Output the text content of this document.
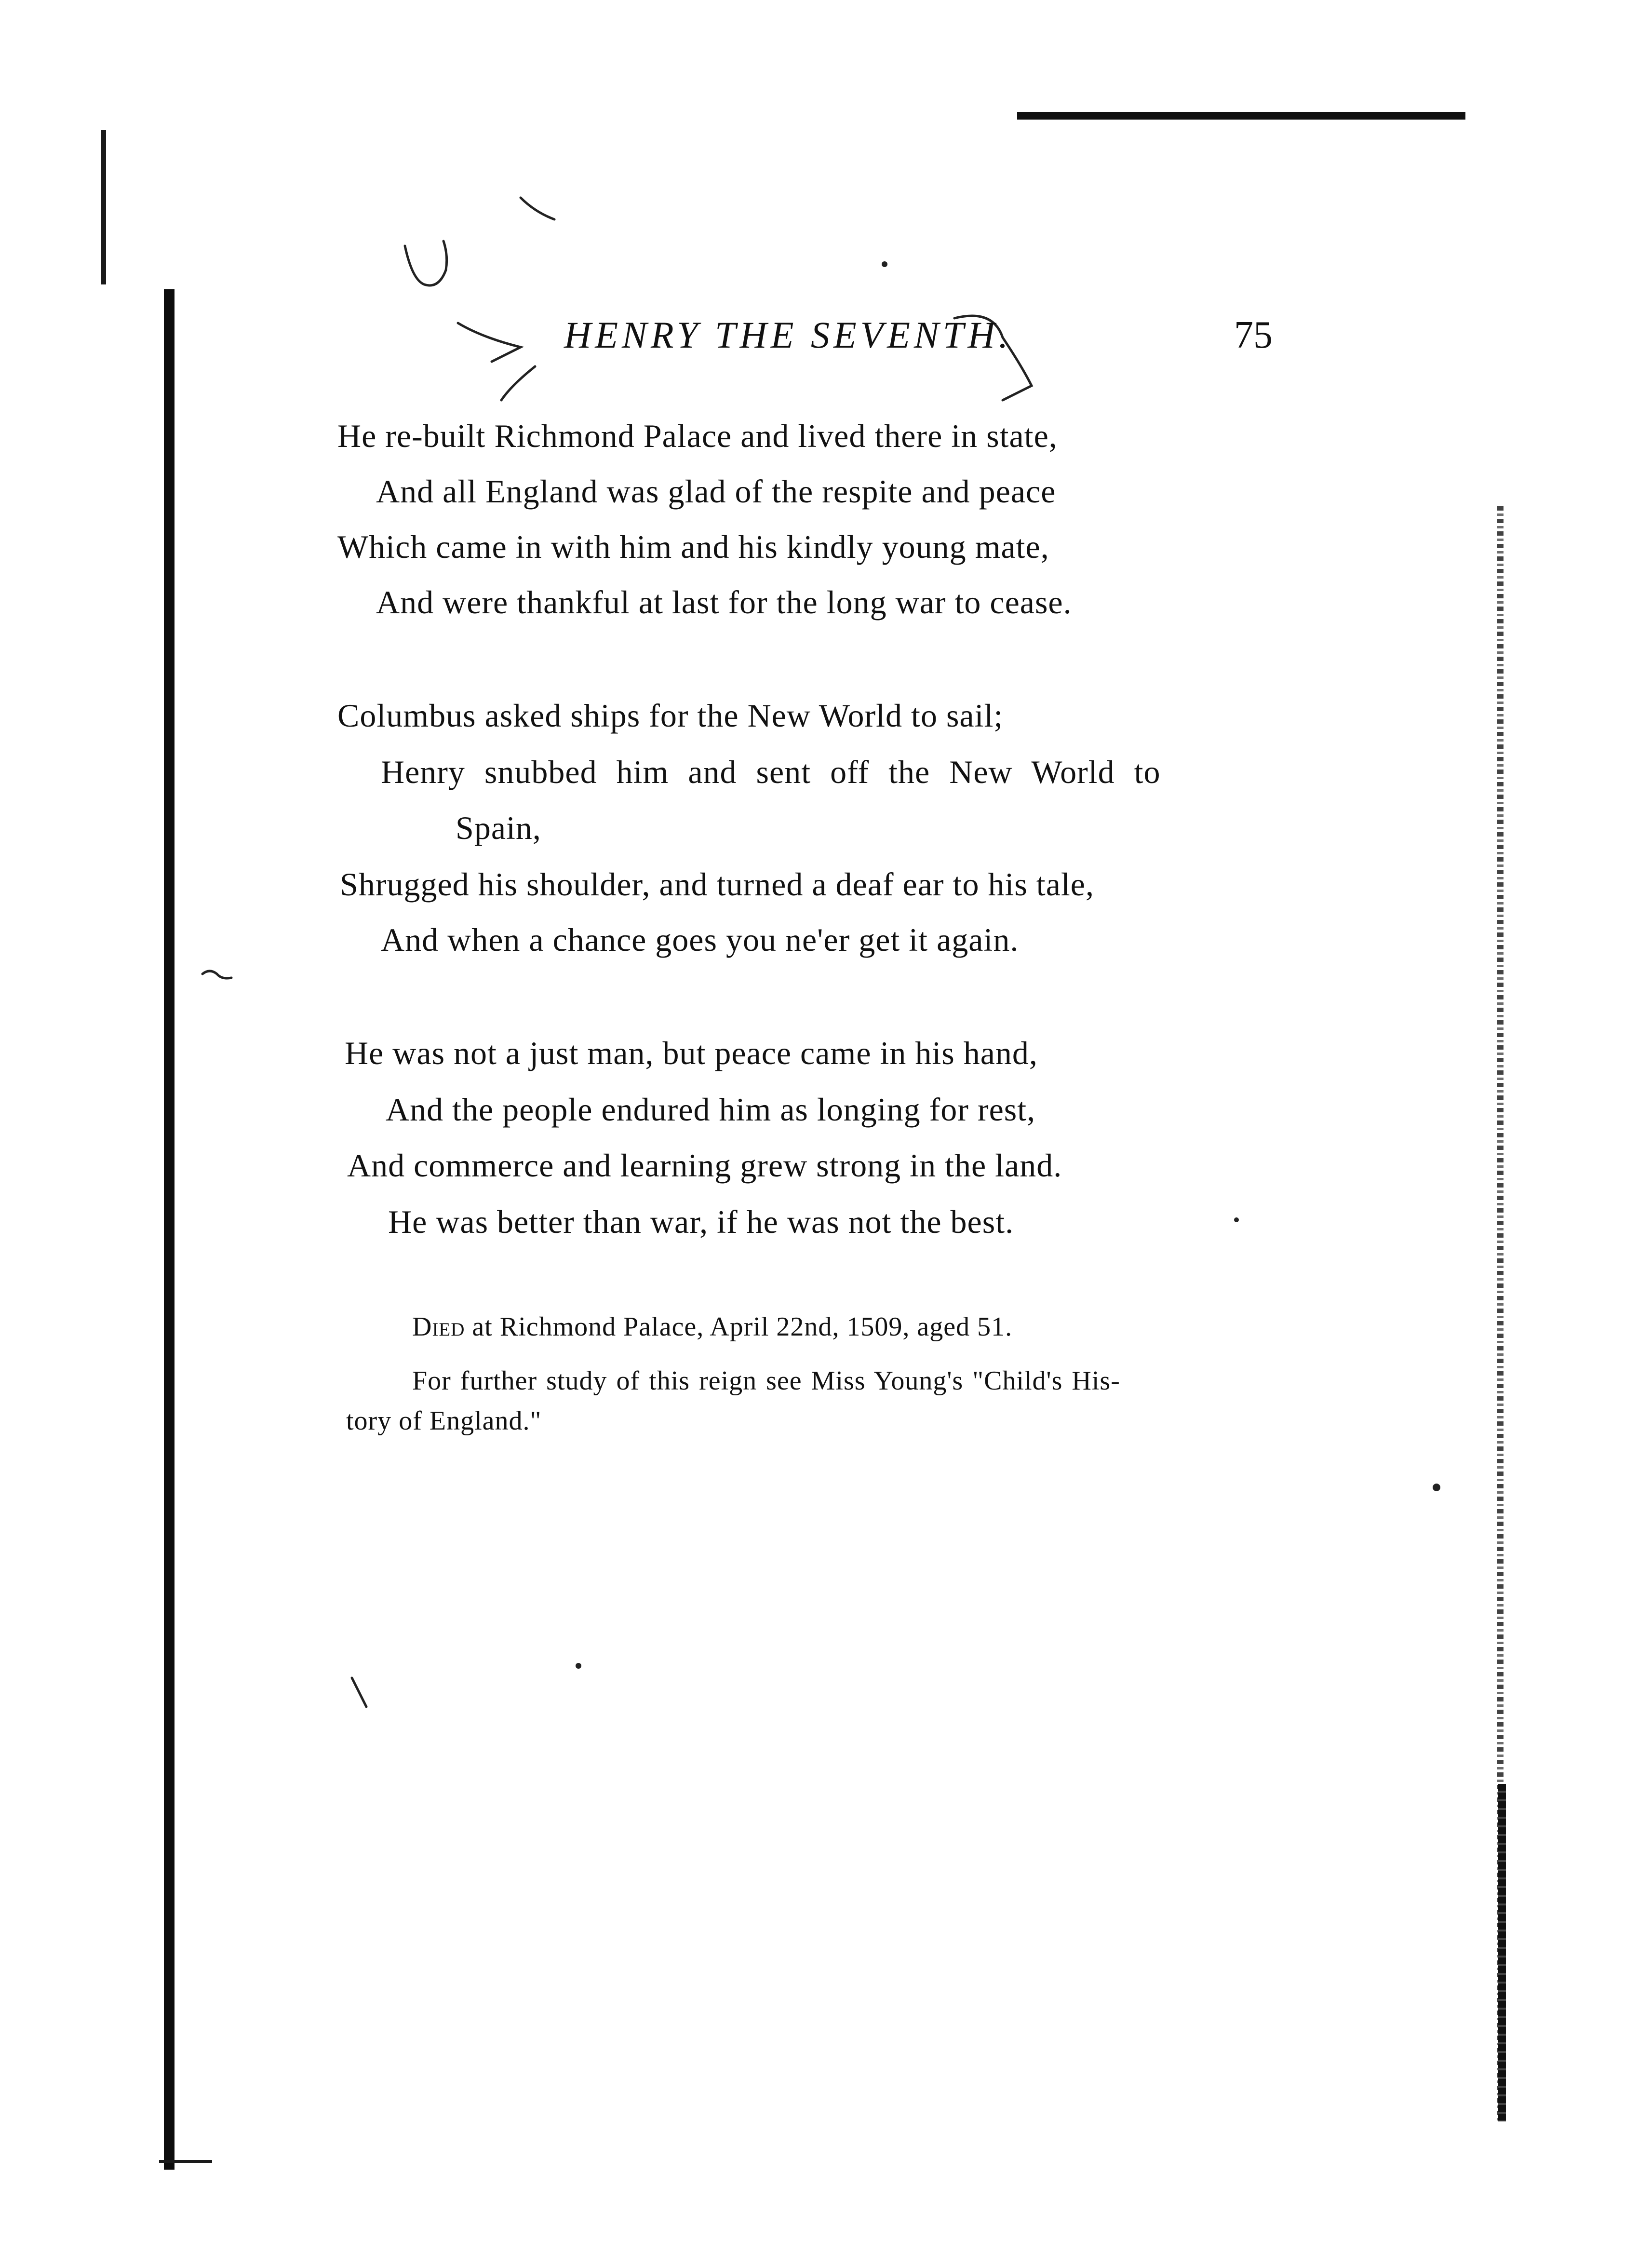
HENRY THE SEVENTH.	75
He re-built Richmond Palace and lived there in state,
And all England was glad of the respite and peace
Which came in with him and his kindly young mate,
And were thankful at last for the long war to cease.
Columbus asked ships for the New World to sail;
Henry snubbed him and sent off the New World to
Spain,
Shrugged his shoulder, and turned a deaf ear to his tale,
And when a chance goes you ne'er get it again.
He was not a just man, but peace came in his hand,
And the people endured him as longing for rest,
And commerce and learning grew strong in the land.
He was better than war, if he was not the best.
Died at Richmond Palace, April 22nd, 1509, aged 51.
For further study of this reign see Miss Young's "Child's His-
tory of England."
